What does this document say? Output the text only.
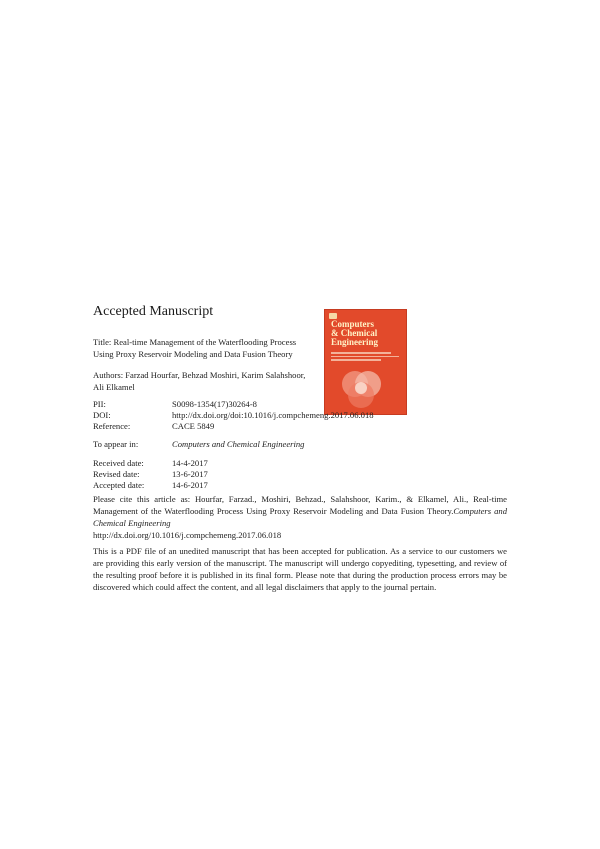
Accepted Manuscript
Computers
& Chemical
Engineering
Title: Real-time Management of the Waterflooding Process
Using Proxy Reservoir Modeling and Data Fusion Theory
Authors: Farzad Hourfar, Behzad Moshiri, Karim Salahshoor,
Ali Elkamel
PII:	S0098-1354(17)30264-8
DOI:	http://dx.doi.org/doi:10.1016/j.compchemeng.2017.06.018
Reference:	CACE 5849
To appear in:	Computers and Chemical Engineering
Received date:	14-4-2017
Revised date:	13-6-2017
Accepted date:	14-6-2017
Please cite this article as: Hourfar, Farzad., Moshiri, Behzad., Salahshoor, Karim., & Elkamel, Ali., Real-time Management of the Waterflooding Process Using Proxy Reservoir Modeling and Data Fusion Theory.Computers and Chemical Engineering
http://dx.doi.org/10.1016/j.compchemeng.2017.06.018
This is a PDF file of an unedited manuscript that has been accepted for publication. As a service to our customers we are providing this early version of the manuscript. The manuscript will undergo copyediting, typesetting, and review of the resulting proof before it is published in its final form. Please note that during the production process errors may be discovered which could affect the content, and all legal disclaimers that apply to the journal pertain.
